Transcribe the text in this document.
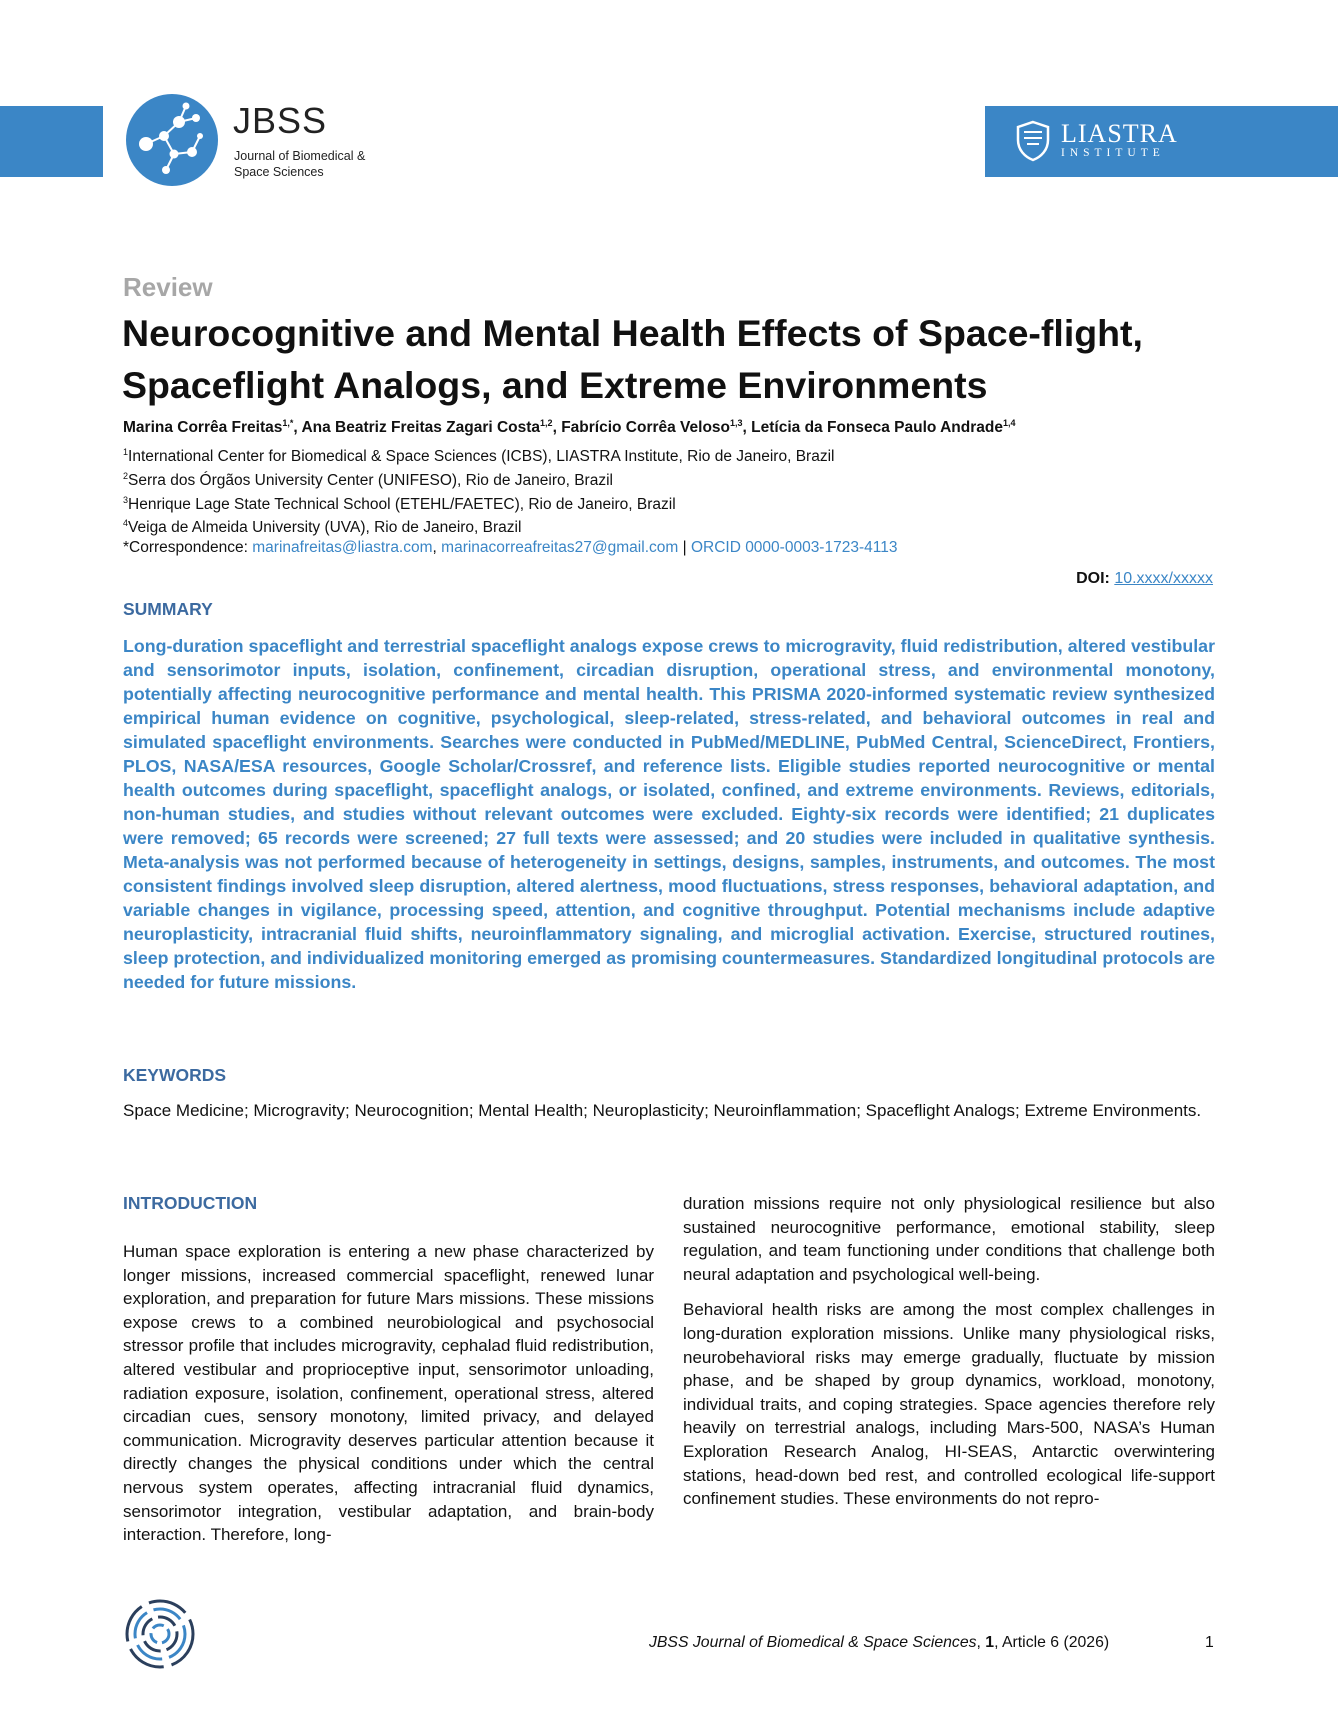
JBSS
Journal of Biomedical &
Space Sciences
LIASTRA
INSTITUTE
Review
Neurocognitive and Mental Health Effects of Space-flight, Spaceflight Analogs, and Extreme Environments
Marina Corrêa Freitas$^{1,*}$, Ana Beatriz Freitas Zagari Costa$^{1,2}$, Fabrício Corrêa Veloso$^{1,3}$, Letícia da Fonseca Paulo Andrade$^{1,4}$
$^1$International Center for Biomedical & Space Sciences (ICBS), LIASTRA Institute, Rio de Janeiro, Brazil
$^2$Serra dos Órgãos University Center (UNIFESO), Rio de Janeiro, Brazil
$^3$Henrique Lage State Technical School (ETEHL/FAETEC), Rio de Janeiro, Brazil
$^4$Veiga de Almeida University (UVA), Rio de Janeiro, Brazil
*Correspondence: marinafreitas@liastra.com, marinacorreafreitas27@gmail.com | ORCID 0000-0003-1723-4113
DOI: 10.xxxx/xxxxx
SUMMARY

Long-duration spaceflight and terrestrial spaceflight analogs expose crews to microgravity, fluid redistribution, altered vestibular and sensorimotor inputs, isolation, confinement, circadian disruption, operational stress, and environmental monotony, potentially affecting neurocognitive performance and mental health. This PRISMA 2020-informed systematic review synthesized empirical human evidence on cognitive, psychological, sleep-related, stress-related, and behavioral outcomes in real and simulated spaceflight environments. Searches were conducted in PubMed/MEDLINE, PubMed Central, ScienceDirect, Frontiers, PLOS, NASA/ESA resources, Google Scholar/Crossref, and reference lists. Eligible studies reported neurocognitive or mental health outcomes during spaceflight, spaceflight analogs, or isolated, confined, and extreme environments. Reviews, editorials, non-human studies, and studies without relevant outcomes were excluded. Eighty-six records were identified; 21 duplicates were removed; 65 records were screened; 27 full texts were assessed; and 20 studies were included in qualitative synthesis. Meta-analysis was not performed because of heterogeneity in settings, designs, samples, instruments, and outcomes. The most consistent findings involved sleep disruption, altered alertness, mood fluctuations, stress responses, behavioral adaptation, and variable changes in vigilance, processing speed, attention, and cognitive throughput. Potential mechanisms include adaptive neuroplasticity, intracranial fluid shifts, neuroinflammatory signaling, and microglial activation. Exercise, structured routines, sleep protection, and individualized monitoring emerged as promising countermeasures. Standardized longitudinal protocols are needed for future missions.

KEYWORDS

Space Medicine; Microgravity; Neurocognition; Mental Health; Neuroplasticity; Neuroinflammation; Spaceflight Analogs; Extreme Environments.

INTRODUCTION

Human space exploration is entering a new phase characterized by longer missions, increased commercial spaceflight, renewed lunar exploration, and preparation for future Mars missions. These missions expose crews to a combined neurobiological and psychosocial stressor profile that includes microgravity, cephalad fluid redistribution, altered vestibular and proprioceptive input, sensorimotor unloading, radiation exposure, isolation, confinement, operational stress, altered circadian cues, sensory monotony, limited privacy, and delayed communication. Microgravity deserves particular attention because it directly changes the physical conditions under which the central nervous system operates, affecting intracranial fluid dynamics, sensorimotor integration, vestibular adaptation, and brain-body interaction. Therefore, long-

duration missions require not only physiological resilience but also sustained neurocognitive performance, emotional stability, sleep regulation, and team functioning under conditions that challenge both neural adaptation and psychological well-being.

Behavioral health risks are among the most complex challenges in long-duration exploration missions. Unlike many physiological risks, neurobehavioral risks may emerge gradually, fluctuate by mission phase, and be shaped by group dynamics, workload, monotony, individual traits, and coping strategies. Space agencies therefore rely heavily on terrestrial analogs, including Mars-500, NASA’s Human Exploration Research Analog, HI-SEAS, Antarctic overwintering stations, head-down bed rest, and controlled ecological life-support confinement studies. These environments do not repro-

JBSS Journal of Biomedical & Space Sciences, 1, Article 6 (2026)	1
